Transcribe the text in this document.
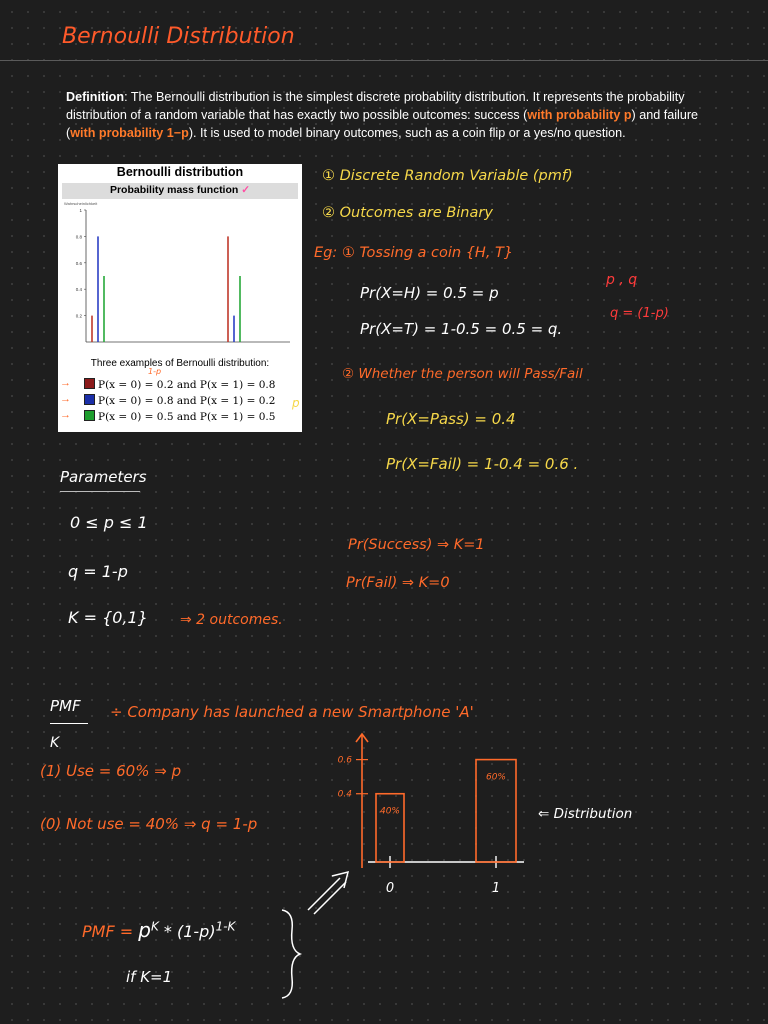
Bernoulli Distribution
Definition: The Bernoulli distribution is the simplest discrete probability distribution. It represents the probability distribution of a random variable that has exactly two possible outcomes: success (with probability p) and failure (with probability 1−p). It is used to model binary outcomes, such as a coin flip or a yes/no question.
Bernoulli distribution
Probability mass function ✓
Wahrscheinlichkeit
0.2
0.4
0.6
0.8
1
Three examples of Bernoulli distribution:
P(x = 0) = 0.2 and P(x = 1) = 0.8
→
P(x = 0) = 0.8 and P(x = 1) = 0.2
→
P(x = 0) = 0.5 and P(x = 1) = 0.5
→
1-p
p
① Discrete Random Variable (pmf)
② Outcomes are Binary
Eg: ① Tossing a coin {H, T}
Pr(X=H) = 0.5 = p
Pr(X=T) = 1-0.5 = 0.5 = q.
p , q
q = (1-p)
② Whether the person will Pass/Fail
Pr(X=Pass) = 0.4
Pr(X=Fail) = 1-0.4 = 0.6 .
Parameters
0 ≤ p ≤ 1
q = 1-p
K = {0,1} ⇒ 2 outcomes.
Pr(Success) ⇒ K=1
Pr(Fail) ⇒ K=0
PMF
K
÷ Company has launched a new Smartphone 'A'
(1) Use = 60% ⇒ p
(0) Not use = 40% ⇒ q = 1-p
⇐ Distribution
0.4
0.6
0	1
40%
60%
PMF = $p^K * (1-p)^{1-K}$
if K=1
